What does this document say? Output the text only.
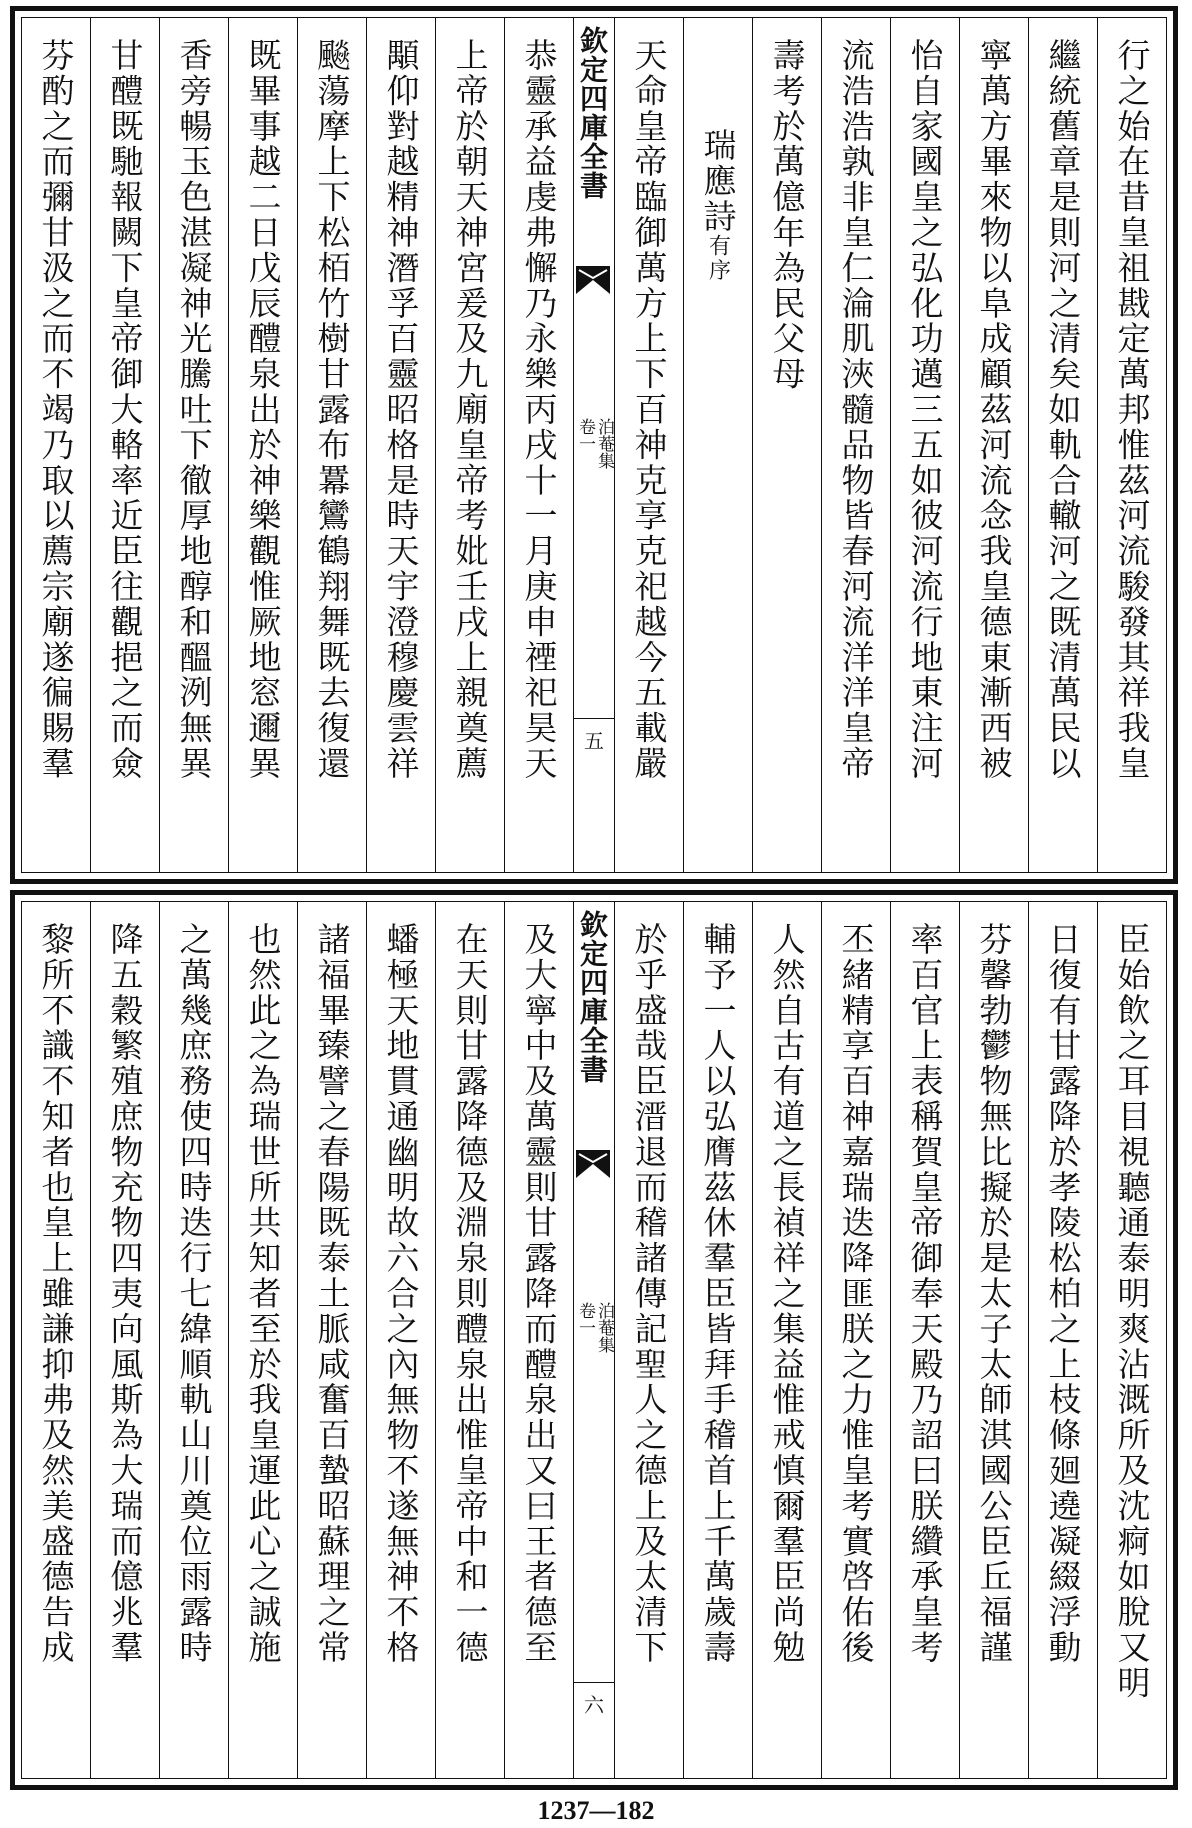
行之始在昔皇祖戡定萬邦惟茲河流駿發其祥我皇
繼統舊章是則河之清矣如軌合轍河之既清萬民以
寧萬方畢來物以阜成顧茲河流念我皇德東漸西被
怡自家國皇之弘化功邁三五如彼河流行地東注河
流浩浩孰非皇仁淪肌浹髓品物皆春河流洋洋皇帝
壽考於萬億年為民父母
瑞應詩有序
天命皇帝臨御萬方上下百神克享克祀越今五載嚴
欽定四庫全書
泊菴集
卷一
五
恭靈承益虔弗懈乃永樂丙戌十一月庚申禋祀昊天
上帝於朝天神宮爰及九廟皇帝考妣壬戌上親奠薦
顒仰對越精神潛孚百靈昭格是時天宇澄穆慶雲祥
飈蕩摩上下松栢竹樹甘露布羃鸞鶴翔舞既去復還
既畢事越二日戊辰醴泉出於神樂觀惟厥地窓邇異
香旁暢玉色湛凝神光騰吐下徹厚地醇和醞洌無異
甘醴既馳報闕下皇帝御大輅率近臣往觀挹之而僉
芬酌之而彌甘汲之而不竭乃取以薦宗廟遂徧賜羣
臣始飲之耳目視聽通泰明爽沾溉所及沈痾如脫又明
日復有甘露降於孝陵松柏之上枝條廻遶凝綴浮動
芬馨勃鬱物無比擬於是太子太師淇國公臣丘福謹
率百官上表稱賀皇帝御奉天殿乃詔曰朕纘承皇考
丕緒精享百神嘉瑞迭降匪朕之力惟皇考實啓佑後
人然自古有道之長禎祥之集益惟戒慎爾羣臣尚勉
輔予一人以弘膺茲休羣臣皆拜手稽首上千萬歲壽
於乎盛哉臣溍退而稽諸傳記聖人之德上及太清下
欽定四庫全書
泊菴集
卷一
六
及大寧中及萬靈則甘露降而醴泉出又曰王者德至
在天則甘露降德及淵泉則醴泉出惟皇帝中和一德
蟠極天地貫通幽明故六合之內無物不遂無神不格
諸福畢臻譬之春陽既泰土脈咸奮百蟄昭蘇理之常
也然此之為瑞世所共知者至於我皇運此心之誠施
之萬幾庶務使四時迭行七緯順軌山川奠位雨露時
降五穀繁殖庶物充物四夷向風斯為大瑞而億兆羣
黎所不識不知者也皇上雖謙抑弗及然美盛德告成
1237—182
